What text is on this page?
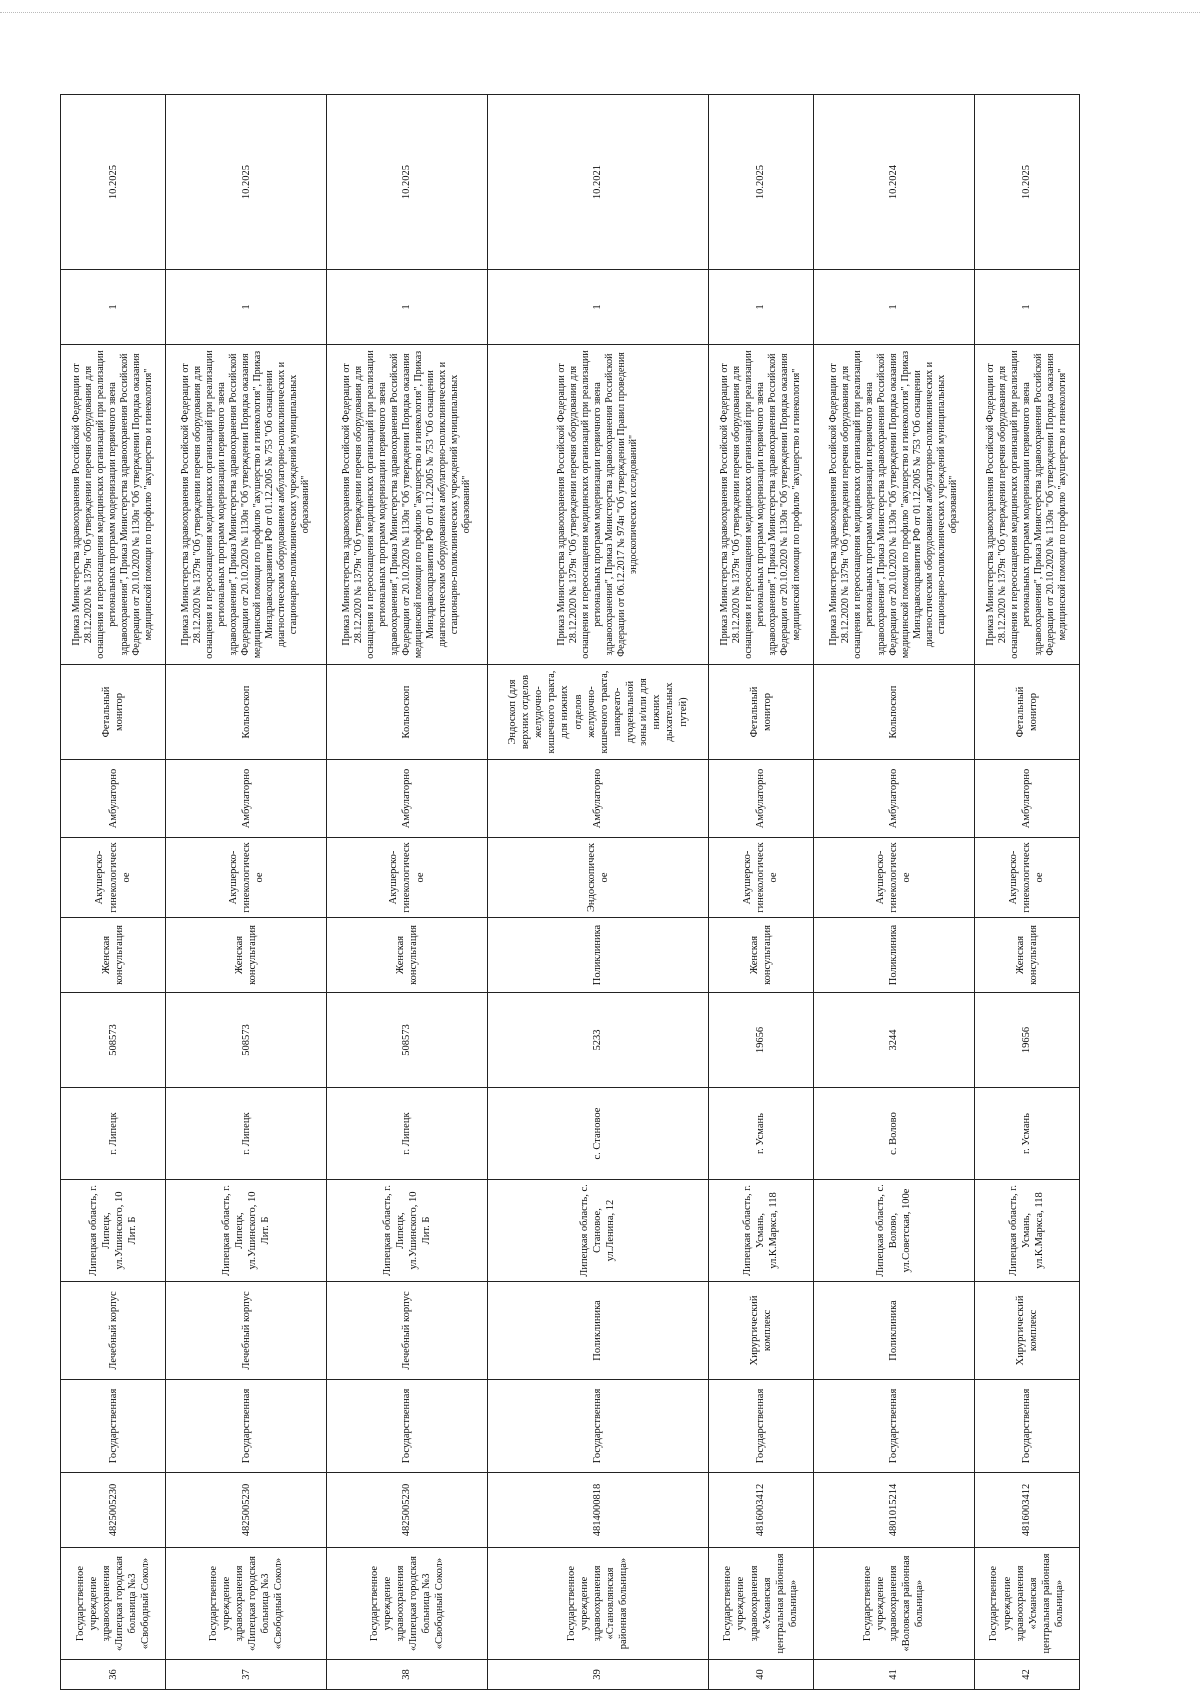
36	Государственное учреждение здравоохранения «Липецкая городская больница №3 «Свободный Сокол»	4825005230	Государственная	Лечебный корпус	Липецкая область, г. Липецк, ул.Ушинского, 10 Лит. Б	г. Липецк	508573	Женская консультация	Акушерско-гинекологическое	Амбулаторно	Фетальный монитор	Приказ Министерства здравоохранения Российской Федерации от 28.12.2020 № 1379н "Об утверждении перечня оборудования для оснащения и переоснащения медицинских организаций при реализации региональных программ модернизации первичного звена здравоохранения", Приказ Министерства здравоохранения Российской Федерации от 20.10.2020 № 1130н "Об утверждении Порядка оказания медицинской помощи по профилю "акушерство и гинекология"	1	10.2025
37	Государственное учреждение здравоохранения «Липецкая городская больница №3 «Свободный Сокол»	4825005230	Государственная	Лечебный корпус	Липецкая область, г. Липецк, ул.Ушинского, 10 Лит. Б	г. Липецк	508573	Женская консультация	Акушерско-гинекологическое	Амбулаторно	Кольпоскоп	Приказ Министерства здравоохранения Российской Федерации от 28.12.2020 № 1379н "Об утверждении перечня оборудования для оснащения и переоснащения медицинских организаций при реализации региональных программ модернизации первичного звена здравоохранения", Приказ Министерства здравоохранения Российской Федерации от 20.10.2020 № 1130н "Об утверждении Порядка оказания медицинской помощи по профилю "акушерство и гинекология", Приказ Минздравсоцразвития РФ от 01.12.2005 № 753 "Об оснащении диагностическим оборудованием амбулаторно-поликлинических и стационарно-поликлинических учреждений муниципальных образований"	1	10.2025
38	Государственное учреждение здравоохранения «Липецкая городская больница №3 «Свободный Сокол»	4825005230	Государственная	Лечебный корпус	Липецкая область, г. Липецк, ул.Ушинского, 10 Лит. Б	г. Липецк	508573	Женская консультация	Акушерско-гинекологическое	Амбулаторно	Кольпоскоп	Приказ Министерства здравоохранения Российской Федерации от 28.12.2020 № 1379н "Об утверждении перечня оборудования для оснащения и переоснащения медицинских организаций при реализации региональных программ модернизации первичного звена здравоохранения", Приказ Министерства здравоохранения Российской Федерации от 20.10.2020 № 1130н "Об утверждении Порядка оказания медицинской помощи по профилю "акушерство и гинекология", Приказ Минздравсоцразвития РФ от 01.12.2005 № 753 "Об оснащении диагностическим оборудованием амбулаторно-поликлинических и стационарно-поликлинических учреждений муниципальных образований"	1	10.2025
39	Государственное учреждение здравоохранения «Становлянская районная больница»	4814000818	Государственная	Поликлиника	Липецкая область, с. Становое, ул.Ленина, 12	с. Становое	5233	Поликлиника	Эндоскопическое	Амбулаторно	Эндоскоп (для верхних отделов желудочно-кишечного тракта, для нижних отделов желудочно-кишечного тракта, панкреато-дуоденальной зоны и/или для нижних дыхательных путей)	Приказ Министерства здравоохранения Российской Федерации от 28.12.2020 № 1379н "Об утверждении перечня оборудования для оснащения и переоснащения медицинских организаций при реализации региональных программ модернизации первичного звена здравоохранения", Приказ Министерства здравоохранения Российской Федерации от 06.12.2017 № 974н "Об утверждении Правил проведения эндоскопических исследований"	1	10.2021
40	Государственное учреждение здравоохранения «Усманская центральная районная больница»	4816003412	Государственная	Хирургический комплекс	Липецкая область, г. Усмань, ул.К.Маркса, 118	г. Усмань	19656	Женская консультация	Акушерско-гинекологическое	Амбулаторно	Фетальный монитор	Приказ Министерства здравоохранения Российской Федерации от 28.12.2020 № 1379н "Об утверждении перечня оборудования для оснащения и переоснащения медицинских организаций при реализации региональных программ модернизации первичного звена здравоохранения", Приказ Министерства здравоохранения Российской Федерации от 20.10.2020 № 1130н "Об утверждении Порядка оказания медицинской помощи по профилю "акушерство и гинекология"	1	10.2025
41	Государственное учреждение здравоохранения «Воловская районная больница»	4801015214	Государственная	Поликлиника	Липецкая область, с. Волово, ул.Советская, 100е	с. Волово	3244	Поликлиника	Акушерско-гинекологическое	Амбулаторно	Кольпоскоп	Приказ Министерства здравоохранения Российской Федерации от 28.12.2020 № 1379н "Об утверждении перечня оборудования для оснащения и переоснащения медицинских организаций при реализации региональных программ модернизации первичного звена здравоохранения", Приказ Министерства здравоохранения Российской Федерации от 20.10.2020 № 1130н "Об утверждении Порядка оказания медицинской помощи по профилю "акушерство и гинекология", Приказ Минздравсоцразвития РФ от 01.12.2005 № 753 "Об оснащении диагностическим оборудованием амбулаторно-поликлинических и стационарно-поликлинических учреждений муниципальных образований"	1	10.2024
42	Государственное учреждение здравоохранения «Усманская центральная районная больница»	4816003412	Государственная	Хирургический комплекс	Липецкая область, г. Усмань, ул.К.Маркса, 118	г. Усмань	19656	Женская консультация	Акушерско-гинекологическое	Амбулаторно	Фетальный монитор	Приказ Министерства здравоохранения Российской Федерации от 28.12.2020 № 1379н "Об утверждении перечня оборудования для оснащения и переоснащения медицинских организаций при реализации региональных программ модернизации первичного звена здравоохранения", Приказ Министерства здравоохранения Российской Федерации от 20.10.2020 № 1130н "Об утверждении Порядка оказания медицинской помощи по профилю "акушерство и гинекология"	1	10.2025
